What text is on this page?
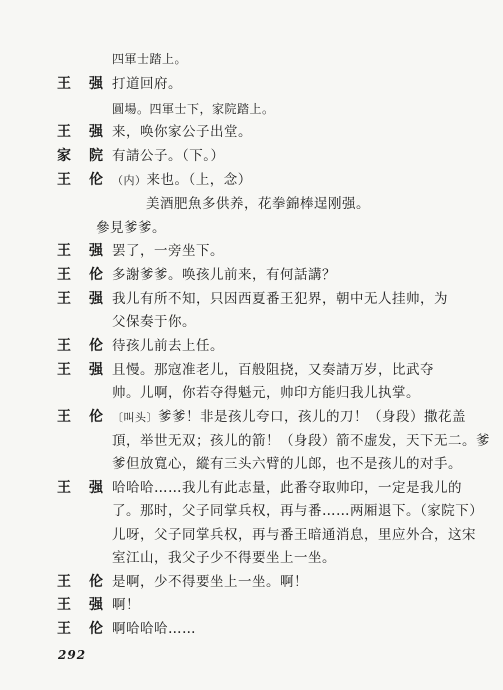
四軍士踏上。
王　强 打道回府。
圓場。四軍士下，家院踏上。
王　强 来，唤你家公子出堂。
家　院 有請公子。（下。）
王　伦 （内）来也。（上，念）
美酒肥魚多供养，花拳錦棒逞刚强。
參見爹爹。
王　强 罢了，一旁坐下。
王　伦 多謝爹爹。唤孩儿前来，有何話講？
王　强 我儿有所不知，只因西夏番王犯界，朝中无人挂帅，为
父保奏于你。
王　伦 待孩儿前去上任。
王　强 且慢。那寇准老儿，百般阻挠，又奏請万岁，比武夺
帅。儿啊，你若夺得魁元，帅印方能归我儿执掌。
王　伦 〔叫头〕爹爹！非是孩儿夸口，孩儿的刀！（身段）撒花盖
頂，举世无双；孩儿的箭！（身段）箭不虚发，天下无二。爹
爹但放寬心，縱有三头六臂的儿郎，也不是孩儿的对手。
王　强 哈哈哈……我儿有此志量，此番夺取帅印，一定是我儿的
了。那时，父子同掌兵权，再与番……两厢退下。（家院下）
儿呀，父子同掌兵权，再与番王暗通消息，里应外合，这宋
室江山，我父子少不得要坐上一坐。
王　伦 是啊，少不得要坐上一坐。啊！
王　强 啊！
王　伦 啊哈哈哈……
292
